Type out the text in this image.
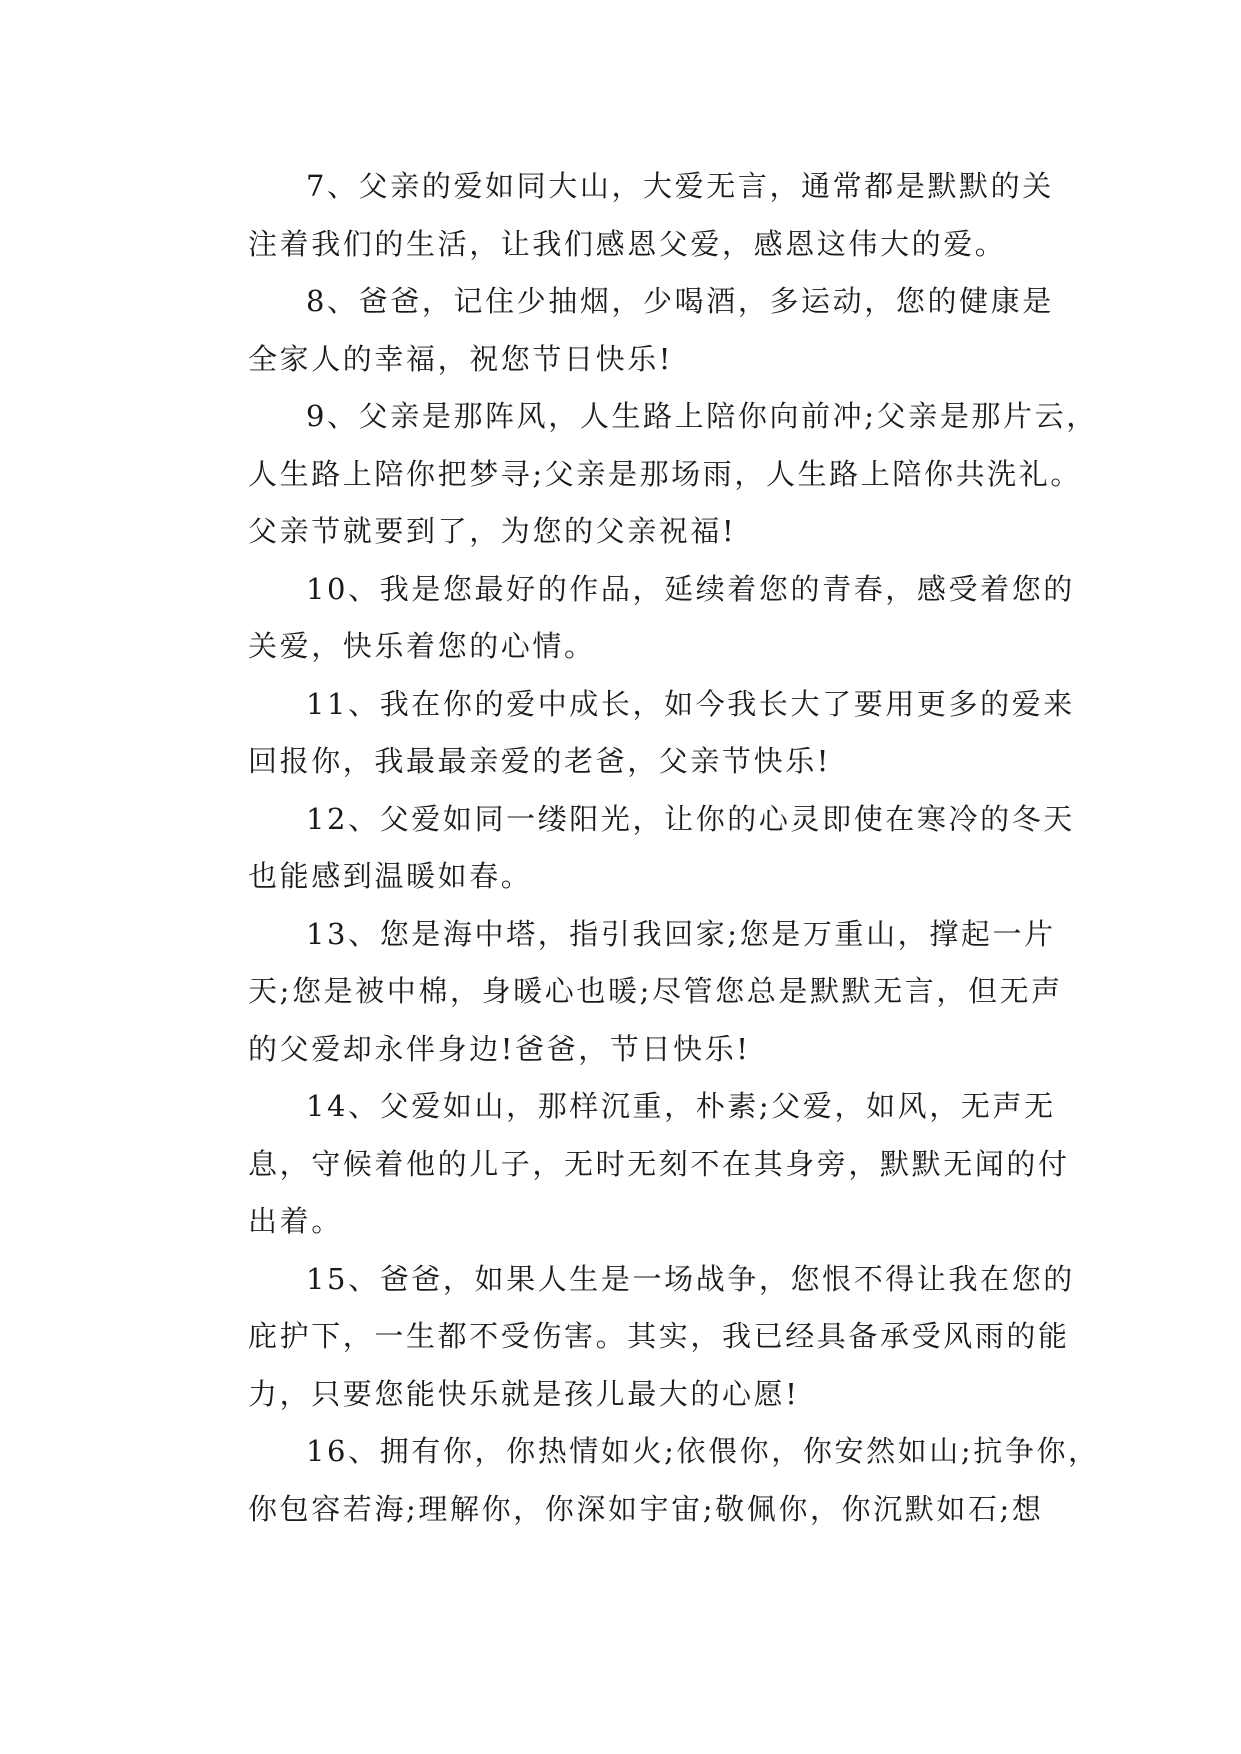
7、父亲的爱如同大山，大爱无言，通常都是默默的关
注着我们的生活，让我们感恩父爱，感恩这伟大的爱。
8、爸爸，记住少抽烟，少喝酒，多运动，您的健康是
全家人的幸福，祝您节日快乐!
9、父亲是那阵风，人生路上陪你向前冲;父亲是那片云，
人生路上陪你把梦寻;父亲是那场雨，人生路上陪你共洗礼。
父亲节就要到了，为您的父亲祝福!
10、我是您最好的作品，延续着您的青春，感受着您的
关爱，快乐着您的心情。
11、我在你的爱中成长，如今我长大了要用更多的爱来
回报你，我最最亲爱的老爸，父亲节快乐!
12、父爱如同一缕阳光，让你的心灵即使在寒冷的冬天
也能感到温暖如春。
13、您是海中塔，指引我回家;您是万重山，撑起一片
天;您是被中棉，身暖心也暖;尽管您总是默默无言，但无声
的父爱却永伴身边!爸爸，节日快乐!
14、父爱如山，那样沉重，朴素;父爱，如风，无声无
息，守候着他的儿子，无时无刻不在其身旁，默默无闻的付
出着。
15、爸爸，如果人生是一场战争，您恨不得让我在您的
庇护下，一生都不受伤害。其实，我已经具备承受风雨的能
力，只要您能快乐就是孩儿最大的心愿!
16、拥有你，你热情如火;依偎你，你安然如山;抗争你，
你包容若海;理解你，你深如宇宙;敬佩你，你沉默如石;想
